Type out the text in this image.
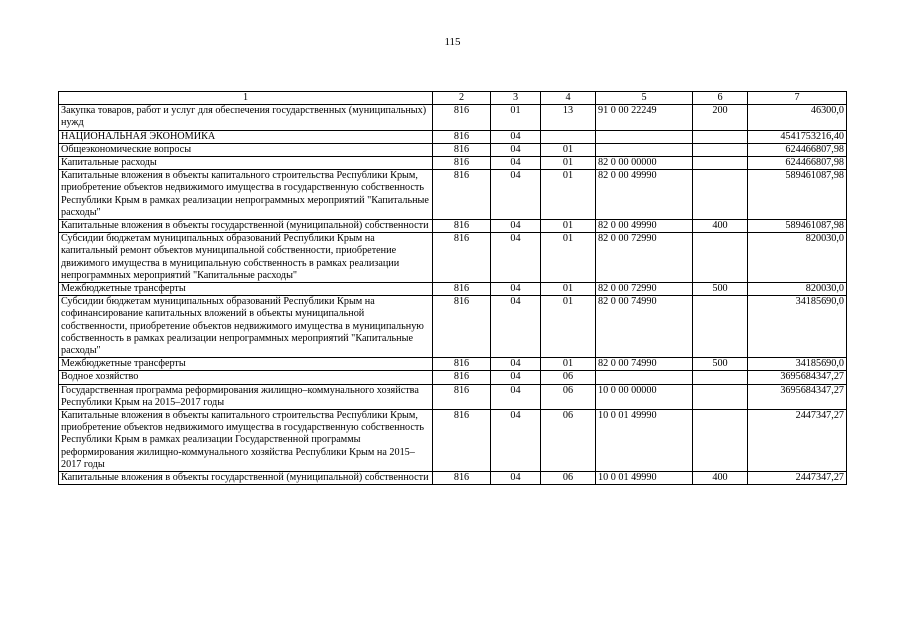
115
1	2	3	4	5	6	7
Закупка товаров, работ и услуг для обеспечения государственных (муниципальных) нужд	816	01	13	91 0 00 22249	200	46300,0
НАЦИОНАЛЬНАЯ ЭКОНОМИКА	816	04				4541753216,40
Общеэкономические вопросы	816	04	01			624466807,98
Капитальные расходы	816	04	01	82 0 00 00000		624466807,98
Капитальные вложения в объекты капитального строительства Республики Крым, приобретение объектов недвижимого имущества в государственную собственность Республики Крым в рамках реализации непрограммных мероприятий "Капитальные расходы"	816	04	01	82 0 00 49990		589461087,98
Капитальные вложения в объекты государственной (муниципальной) собственности	816	04	01	82 0 00 49990	400	589461087,98
Субсидии бюджетам муниципальных образований Республики Крым на капитальный ремонт объектов муниципальной собственности, приобретение движимого имущества в муниципальную собственность в рамках реализации непрограммных мероприятий "Капитальные расходы"	816	04	01	82 0 00 72990		820030,0
Межбюджетные трансферты	816	04	01	82 0 00 72990	500	820030,0
Субсидии бюджетам муниципальных образований Республики Крым на софинансирование капитальных вложений в объекты муниципальной собственности, приобретение объектов недвижимого имущества в муниципальную собственность в рамках реализации непрограммных мероприятий "Капитальные расходы"	816	04	01	82 0 00 74990		34185690,0
Межбюджетные трансферты	816	04	01	82 0 00 74990	500	34185690,0
Водное хозяйство	816	04	06			3695684347,27
Государственная программа реформирования жилищно–коммунального хозяйства Республики Крым на 2015–2017 годы	816	04	06	10 0 00 00000		3695684347,27
Капитальные вложения в объекты капитального строительства Республики Крым, приобретение объектов недвижимого имущества в государственную собственность Республики Крым в рамках реализации Государственной программы реформирования жилищно-коммунального хозяйства Республики Крым на 2015–2017 годы	816	04	06	10 0 01 49990		2447347,27
Капитальные вложения в объекты государственной (муниципальной) собственности	816	04	06	10 0 01 49990	400	2447347,27
